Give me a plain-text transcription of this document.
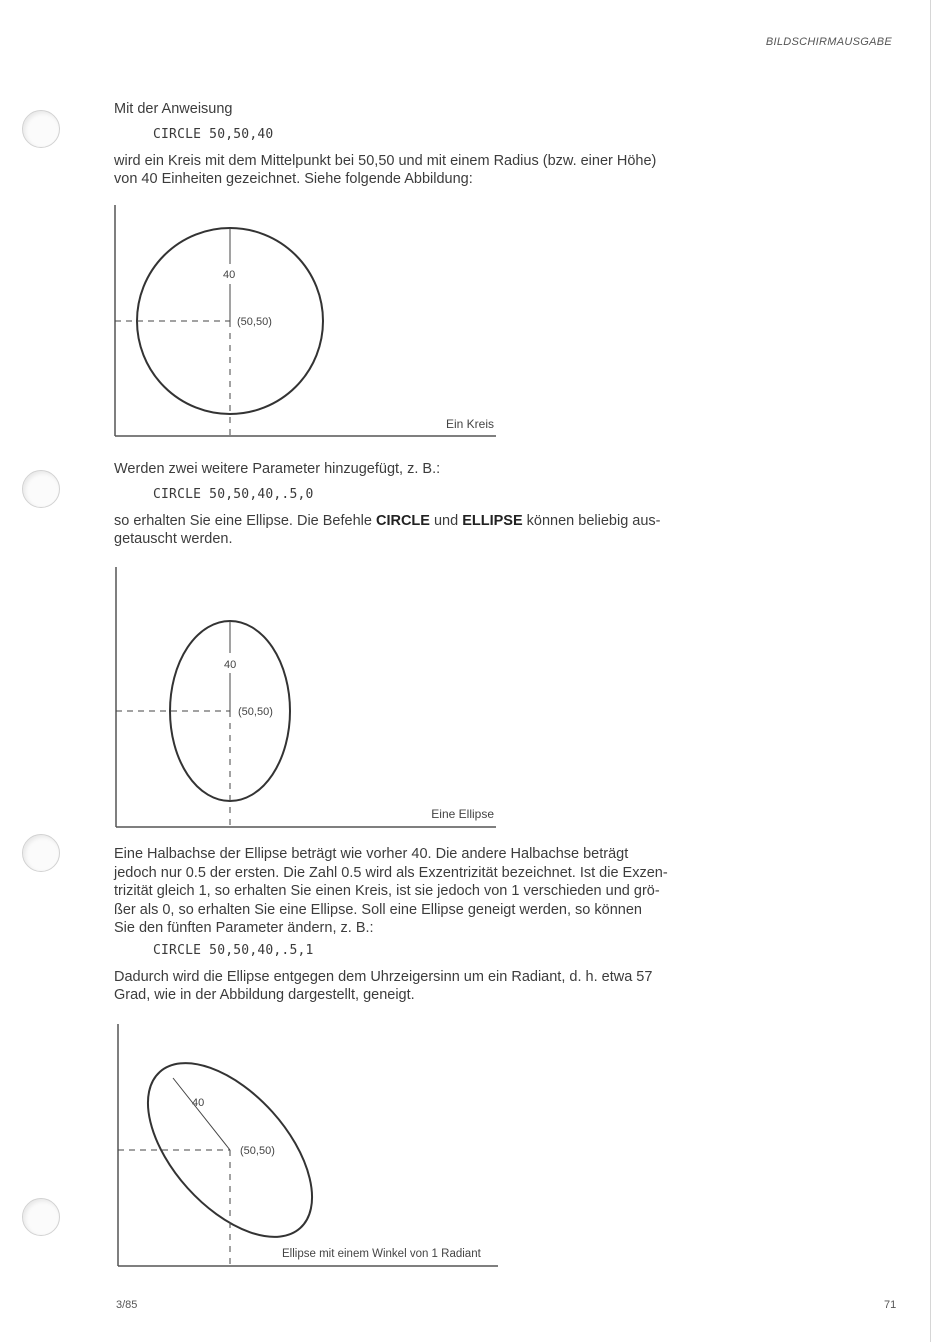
BILDSCHIRMAUSGABE

Mit der Anweisung

CIRCLE 50,50,40

wird ein Kreis mit dem Mittelpunkt bei 50,50 und mit einem Radius (bzw. einer Höhe)

von 40 Einheiten gezeichnet. Siehe folgende Abbildung:

40
(50,50)
Ein Kreis

Werden zwei weitere Parameter hinzugefügt, z. B.:

CIRCLE 50,50,40,.5,0

so erhalten Sie eine Ellipse. Die Befehle CIRCLE und ELLIPSE können beliebig aus-

getauscht werden.

40
(50,50)
Eine Ellipse
Eine Halbachse der Ellipse beträgt wie vorher 40. Die andere Halbachse beträgt
jedoch nur 0.5 der ersten. Die Zahl 0.5 wird als Exzentrizität bezeichnet. Ist die Exzen-
trizität gleich 1, so erhalten Sie einen Kreis, ist sie jedoch von 1 verschieden und grö-
ßer als 0, so erhalten Sie eine Ellipse. Soll eine Ellipse geneigt werden, so können
Sie den fünften Parameter ändern, z. B.:
CIRCLE 50,50,40,.5,1

Dadurch wird die Ellipse entgegen dem Uhrzeigersinn um ein Radiant, d. h. etwa 57

Grad, wie in der Abbildung dargestellt, geneigt.

40
(50,50)
Ellipse mit einem Winkel von 1 Radiant
3/85	71
